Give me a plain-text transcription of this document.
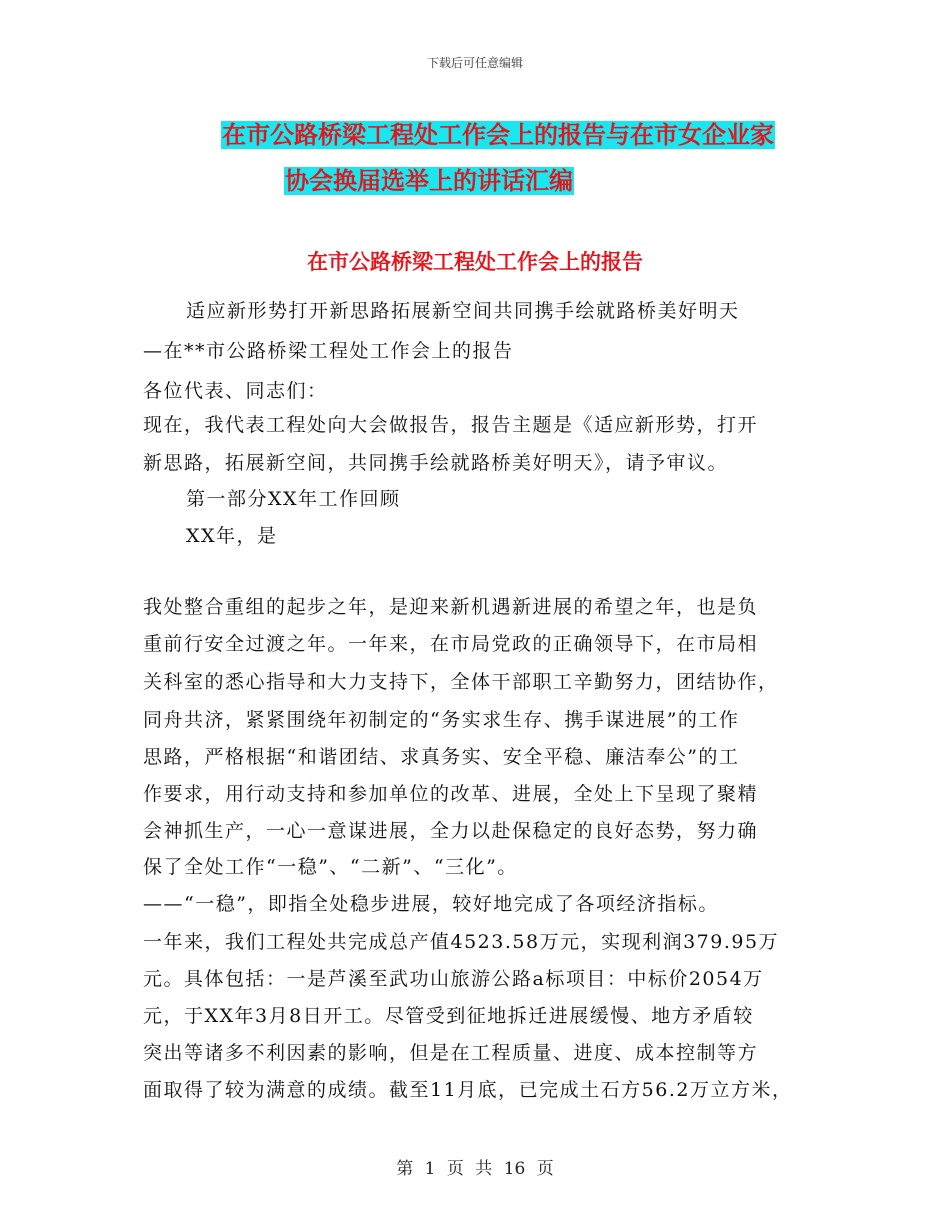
下载后可任意编辑
在市公路桥梁工程处工作会上的报告与在市女企业家
协会换届选举上的讲话汇编
在市公路桥梁工程处工作会上的报告
适应新形势打开新思路拓展新空间共同携手绘就路桥美好明天
—在**市公路桥梁工程处工作会上的报告
各位代表、同志们：
现在，我代表工程处向大会做报告，报告主题是《适应新形势，打开
新思路，拓展新空间，共同携手绘就路桥美好明天》，请予审议。
第一部分XX年工作回顾
XX年，是
我处整合重组的起步之年，是迎来新机遇新进展的希望之年，也是负
重前行安全过渡之年。一年来，在市局党政的正确领导下，在市局相
关科室的悉心指导和大力支持下，全体干部职工辛勤努力，团结协作，
同舟共济，紧紧围绕年初制定的“务实求生存、携手谋进展”的工作
思路，严格根据“和谐团结、求真务实、安全平稳、廉洁奉公”的工
作要求，用行动支持和参加单位的改革、进展，全处上下呈现了聚精
会神抓生产，一心一意谋进展，全力以赴保稳定的良好态势，努力确
保了全处工作“一稳”、“二新”、“三化”。
——“一稳”，即指全处稳步进展，较好地完成了各项经济指标。
一年来，我们工程处共完成总产值4523.58万元，实现利润379.95万
元。具体包括：一是芦溪至武功山旅游公路a标项目：中标价2054万
元，于XX年3月8日开工。尽管受到征地拆迁进展缓慢、地方矛盾较
突出等诸多不利因素的影响，但是在工程质量、进度、成本控制等方
面取得了较为满意的成绩。截至11月底，已完成土石方56.2万立方米，
第 1 页 共 16 页
